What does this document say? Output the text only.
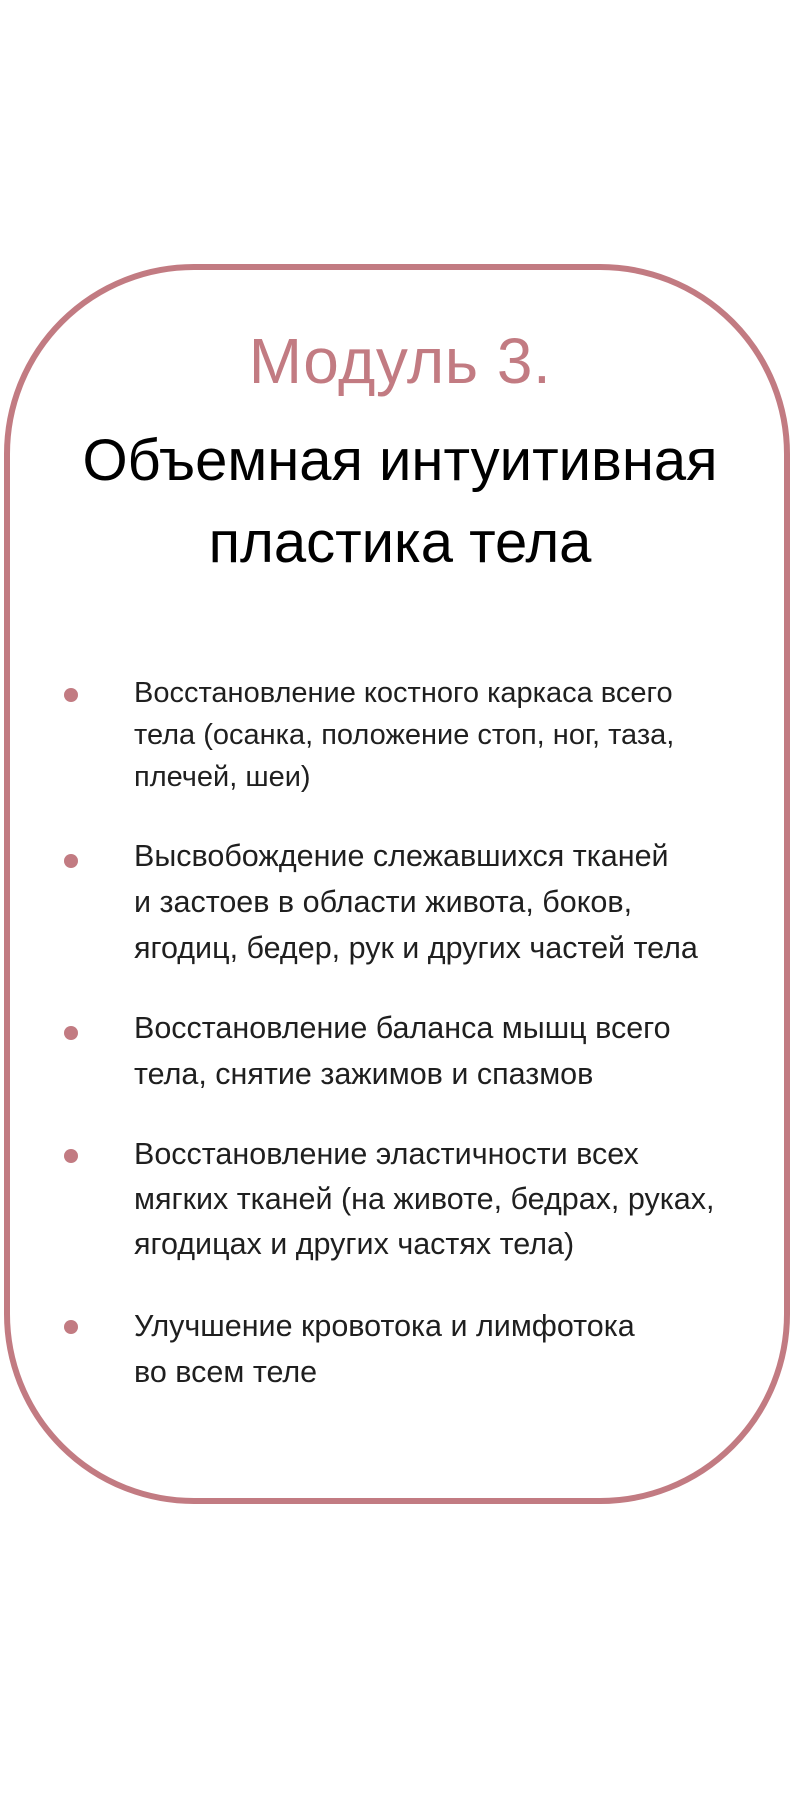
Модуль 3.
Объемная интуитивная
пластика тела
Восстановление костного каркаса всего
тела (осанка, положение стоп, ног, таза,
плечей, шеи)
Высвобождение слежавшихся тканей
и застоев в области живота, боков,
ягодиц, бедер, рук и других частей тела
Восстановление баланса мышц всего
тела, снятие зажимов и спазмов
Восстановление эластичности всех
мягких тканей (на животе, бедрах, руках,
ягодицах и других частях тела)
Улучшение кровотока и лимфотока
во всем теле
